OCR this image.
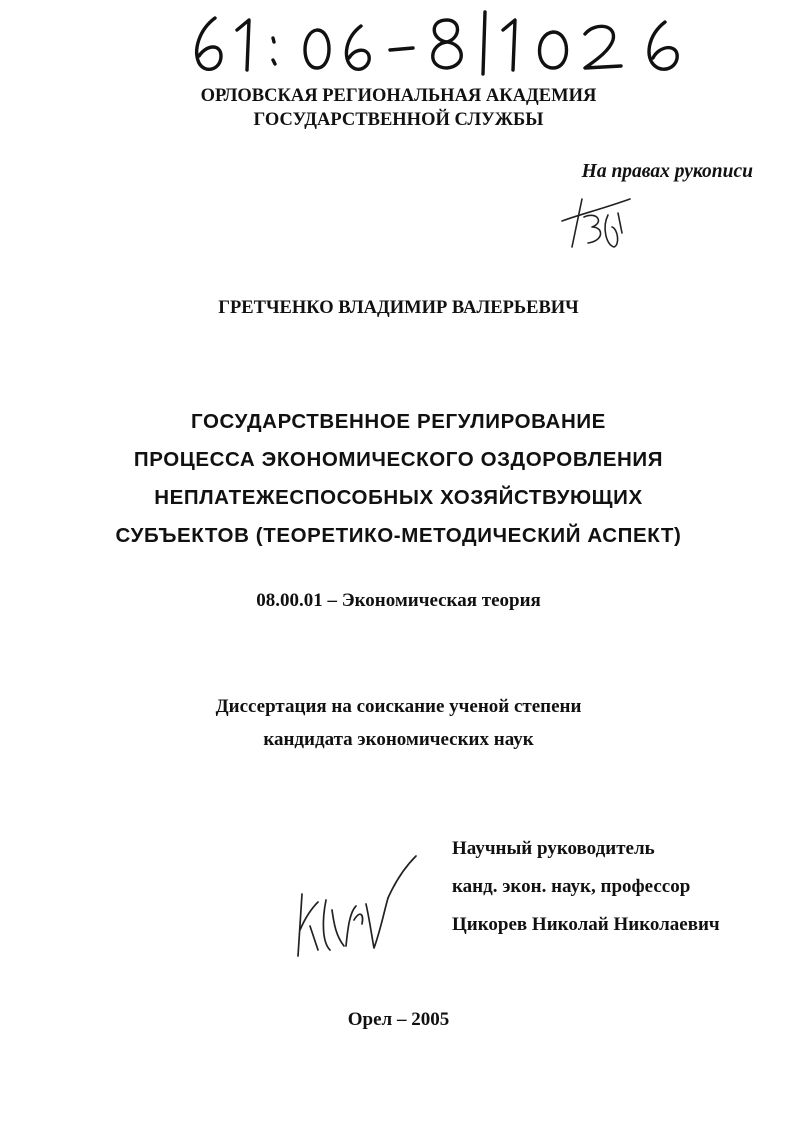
ОРЛОВСКАЯ РЕГИОНАЛЬНАЯ АКАДЕМИЯ
ГОСУДАРСТВЕННОЙ СЛУЖБЫ
На правах рукописи
ГРЕТЧЕНКО ВЛАДИМИР ВАЛЕРЬЕВИЧ
ГОСУДАРСТВЕННОЕ РЕГУЛИРОВАНИЕ
ПРОЦЕССА ЭКОНОМИЧЕСКОГО ОЗДОРОВЛЕНИЯ
НЕПЛАТЕЖЕСПОСОБНЫХ ХОЗЯЙСТВУЮЩИХ
СУБЪЕКТОВ (ТЕОРЕТИКО-МЕТОДИЧЕСКИЙ АСПЕКТ)
08.00.01 – Экономическая теория
Диссертация на соискание ученой степени
кандидата экономических наук
Научный руководитель
канд. экон. наук, профессор
Цикорев Николай Николаевич
Орел – 2005
